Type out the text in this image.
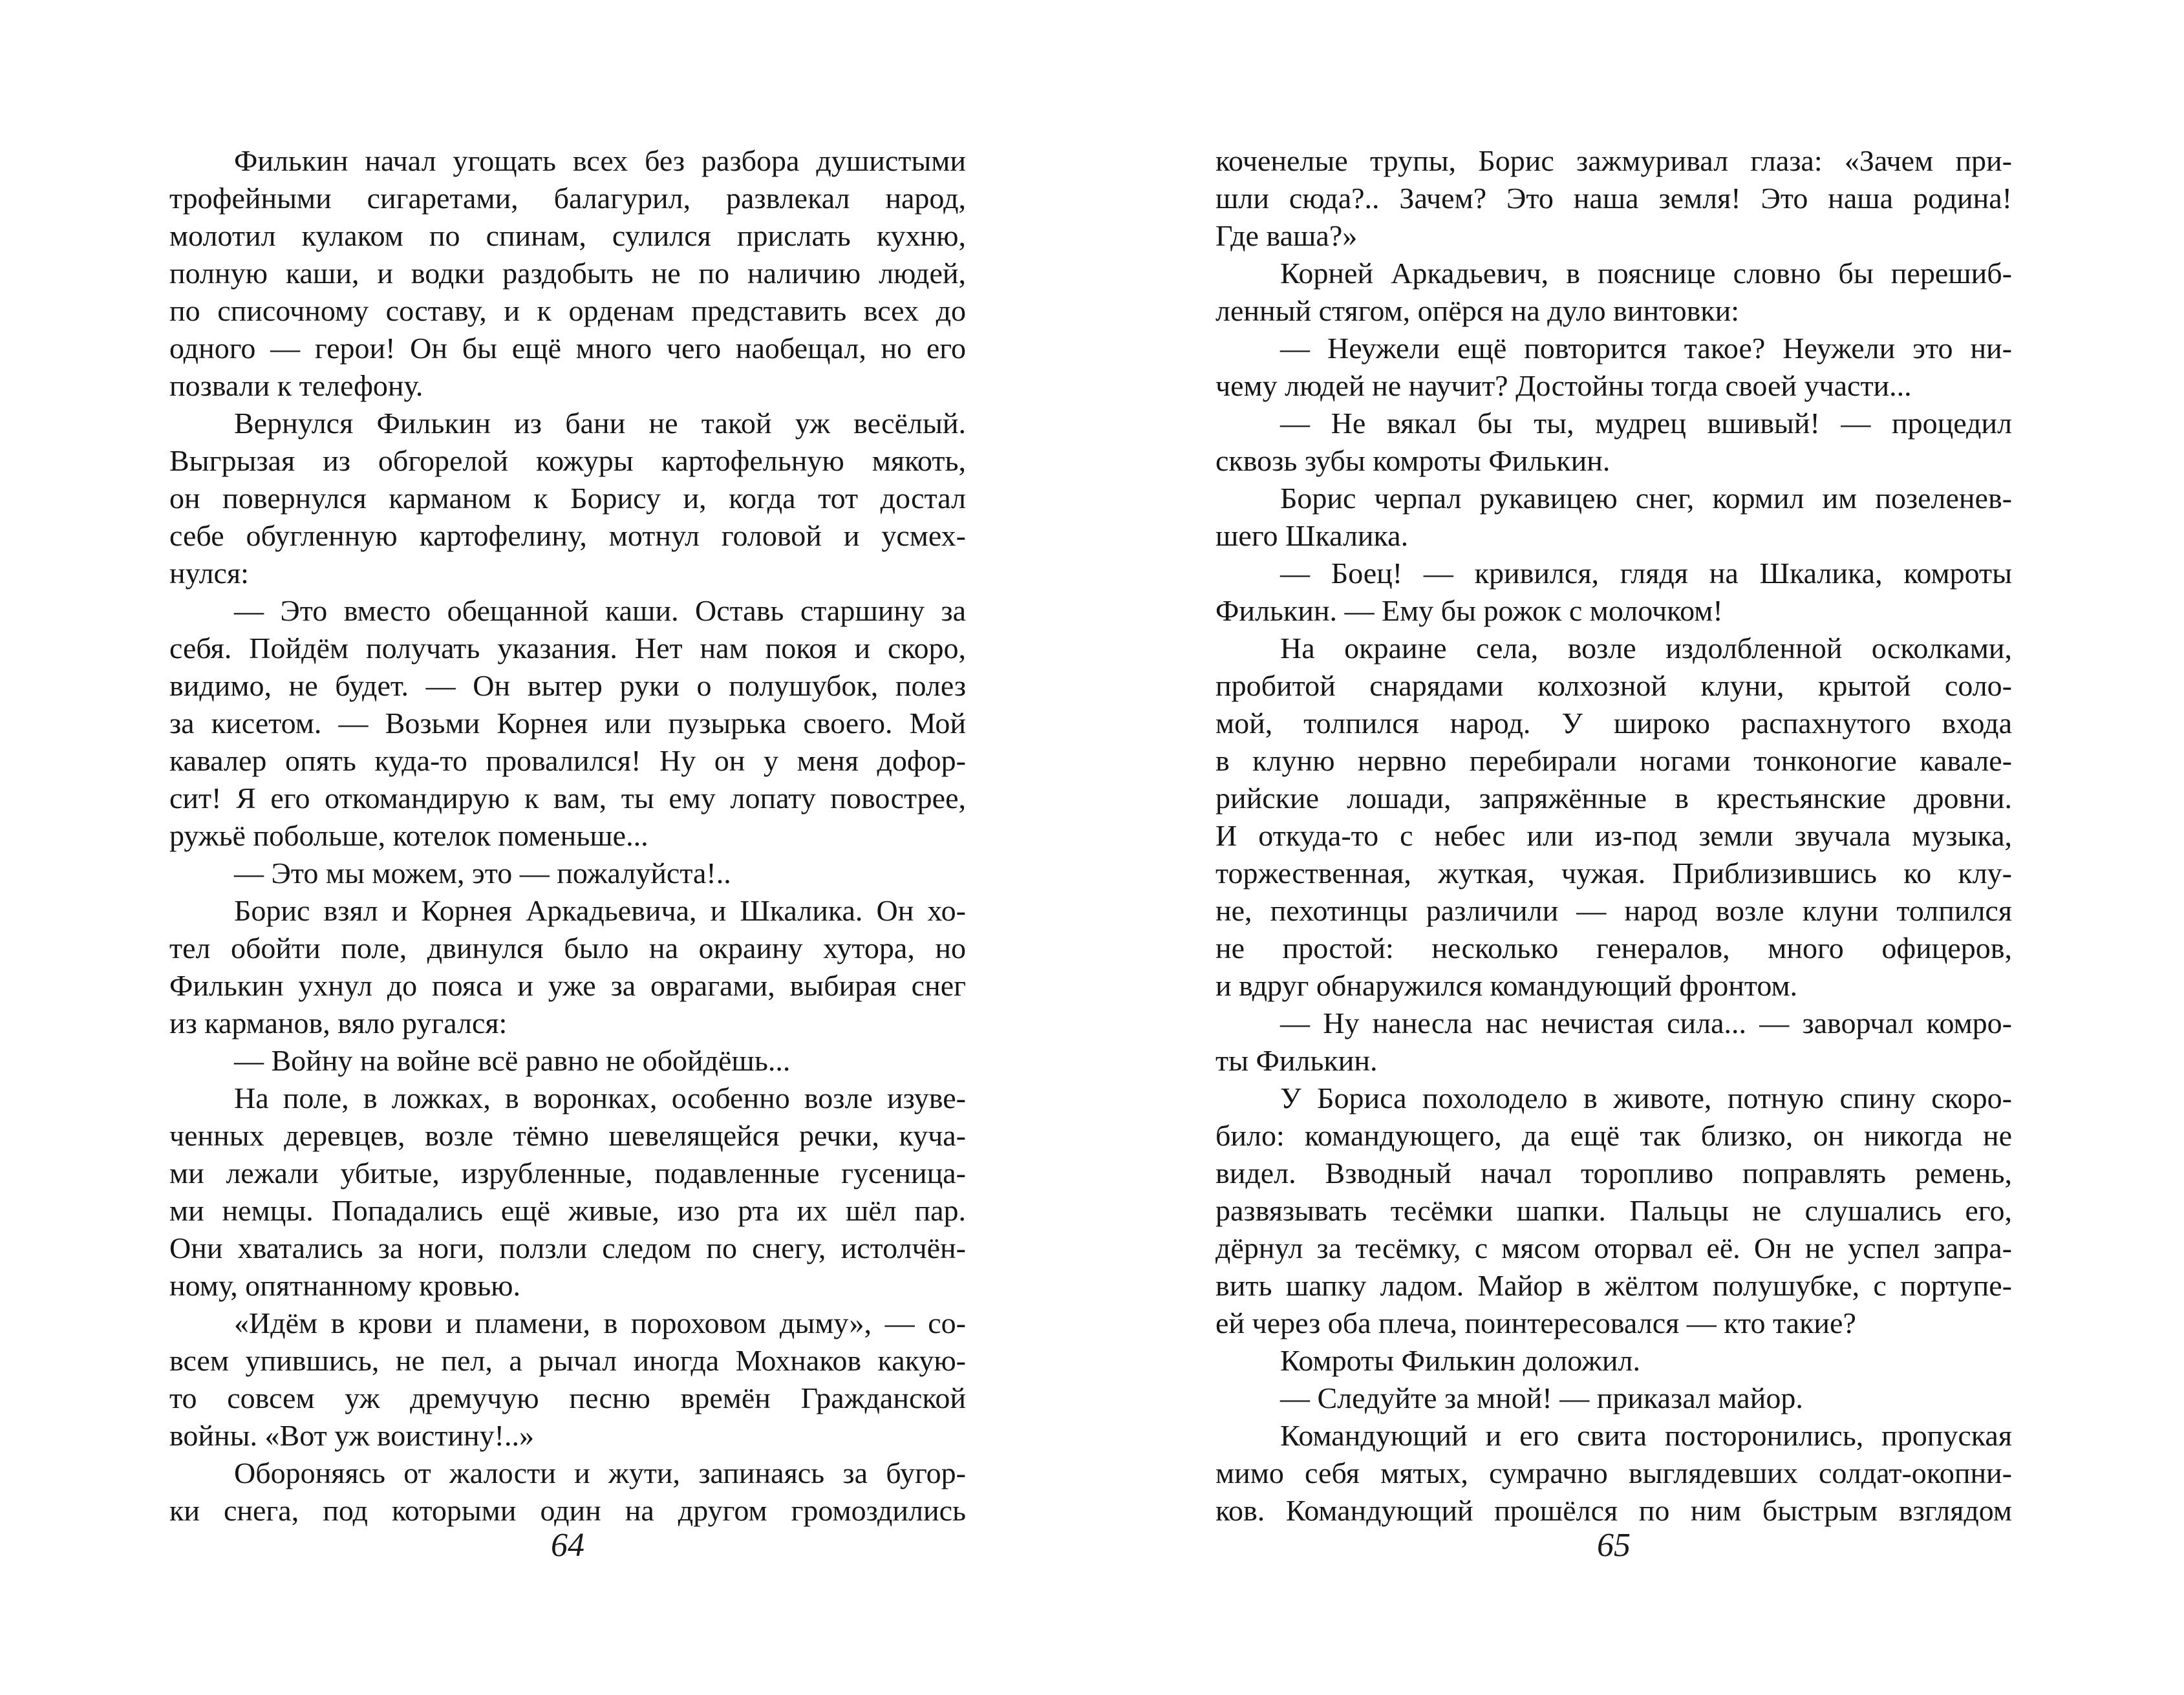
Филькин начал угощать всех без разбора душистыми
трофейными сигаретами, балагурил, развлекал народ,
молотил кулаком по спинам, сулился прислать кухню,
полную каши, и водки раздобыть не по наличию людей,
по списочному составу, и к орденам представить всех до
одного — герои! Он бы ещё много чего наобещал, но его
позвали к телефону.
Вернулся Филькин из бани не такой уж весёлый.
Выгрызая из обгорелой кожуры картофельную мякоть,
он повернулся карманом к Борису и, когда тот достал
себе обугленную картофелину, мотнул головой и усмех-
нулся:
— Это вместо обещанной каши. Оставь старшину за
себя. Пойдём получать указания. Нет нам покоя и скоро,
видимо, не будет. — Он вытер руки о полушубок, полез
за кисетом. — Возьми Корнея или пузырька своего. Мой
кавалер опять куда-то провалился! Ну он у меня дофор-
сит! Я его откомандирую к вам, ты ему лопату повострее,
ружьё побольше, котелок поменьше...
— Это мы можем, это — пожалуйста!..
Борис взял и Корнея Аркадьевича, и Шкалика. Он хо-
тел обойти поле, двинулся было на окраину хутора, но
Филькин ухнул до пояса и уже за оврагами, выбирая снег
из карманов, вяло ругался:
— Войну на войне всё равно не обойдёшь...
На поле, в ложках, в воронках, особенно возле изуве-
ченных деревцев, возле тёмно шевелящейся речки, куча-
ми лежали убитые, изрубленные, подавленные гусеница-
ми немцы. Попадались ещё живые, изо рта их шёл пар.
Они хватались за ноги, ползли следом по снегу, истолчён-
ному, опятнанному кровью.
«Идём в крови и пламени, в пороховом дыму», — со-
всем упившись, не пел, а рычал иногда Мохнаков какую-
то совсем уж дремучую песню времён Гражданской
войны. «Вот уж воистину!..»
Обороняясь от жалости и жути, запинаясь за бугор-
ки снега, под которыми один на другом громоздились
коченелые трупы, Борис зажмуривал глаза: «Зачем при-
шли сюда?.. Зачем? Это наша земля! Это наша родина!
Где ваша?»
Корней Аркадьевич, в пояснице словно бы перешиб-
ленный стягом, опёрся на дуло винтовки:
— Неужели ещё повторится такое? Неужели это ни-
чему людей не научит? Достойны тогда своей участи...
— Не вякал бы ты, мудрец вшивый! — процедил
сквозь зубы комроты Филькин.
Борис черпал рукавицею снег, кормил им позеленев-
шего Шкалика.
— Боец! — кривился, глядя на Шкалика, комроты
Филькин. — Ему бы рожок с молочком!
На окраине села, возле издолбленной осколками,
пробитой снарядами колхозной клуни, крытой соло-
мой, толпился народ. У широко распахнутого входа
в клуню нервно перебирали ногами тонконогие кавале-
рийские лошади, запряжённые в крестьянские дровни.
И откуда-то с небес или из-под земли звучала музыка,
торжественная, жуткая, чужая. Приблизившись ко клу-
не, пехотинцы различили — народ возле клуни толпился
не простой: несколько генералов, много офицеров,
и вдруг обнаружился командующий фронтом.
— Ну нанесла нас нечистая сила... — заворчал комро-
ты Филькин.
У Бориса похолодело в животе, потную спину скоро-
било: командующего, да ещё так близко, он никогда не
видел. Взводный начал торопливо поправлять ремень,
развязывать тесёмки шапки. Пальцы не слушались его,
дёрнул за тесёмку, с мясом оторвал её. Он не успел запра-
вить шапку ладом. Майор в жёлтом полушубке, с портупе-
ей через оба плеча, поинтересовался — кто такие?
Комроты Филькин доложил.
— Следуйте за мной! — приказал майор.
Командующий и его свита посторонились, пропуская
мимо себя мятых, сумрачно выглядевших солдат-окопни-
ков. Командующий прошёлся по ним быстрым взглядом
64	65
